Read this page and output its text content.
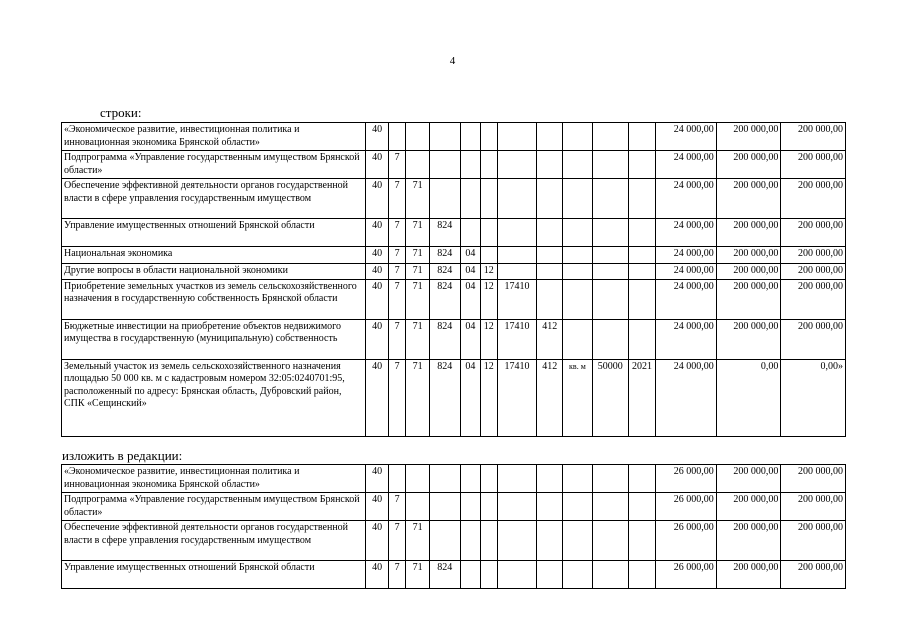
4
строки:
«Экономическое развитие, инвестиционная политика и инновационная экономика Брянской области»	40											24 000,00	200 000,00	200 000,00
Подпрограмма «Управление государственным имуществом Брянской области»	40	7										24 000,00	200 000,00	200 000,00
Обеспечение эффективной деятельности органов государственной власти в сфере управления государственным имуществом	40	7	71									24 000,00	200 000,00	200 000,00
Управление имущественных отношений Брянской области	40	7	71	824								24 000,00	200 000,00	200 000,00
Национальная экономика	40	7	71	824	04							24 000,00	200 000,00	200 000,00
Другие вопросы в области национальной экономики	40	7	71	824	04	12						24 000,00	200 000,00	200 000,00
Приобретение земельных участков из земель сельскохозяйственного назначения в государственную собственность Брянской области	40	7	71	824	04	12	17410					24 000,00	200 000,00	200 000,00
Бюджетные инвестиции на приобретение объектов недвижимого имущества в государственную (муниципальную) собственность	40	7	71	824	04	12	17410	412				24 000,00	200 000,00	200 000,00
Земельный участок из земель сельскохозяйственного назначения площадью 50 000 кв. м с кадастровым номером 32:05:0240701:95, расположенный по адресу: Брянская область, Дубровский район, СПК «Сещинский»	40	7	71	824	04	12	17410	412	кв. м	50000	2021	24 000,00	0,00	0,00»
изложить в редакции:
«Экономическое развитие, инвестиционная политика и инновационная экономика Брянской области»	40											26 000,00	200 000,00	200 000,00
Подпрограмма «Управление государственным имуществом Брянской области»	40	7										26 000,00	200 000,00	200 000,00
Обеспечение эффективной деятельности органов государственной власти в сфере управления государственным имуществом	40	7	71									26 000,00	200 000,00	200 000,00
Управление имущественных отношений Брянской области	40	7	71	824								26 000,00	200 000,00	200 000,00
